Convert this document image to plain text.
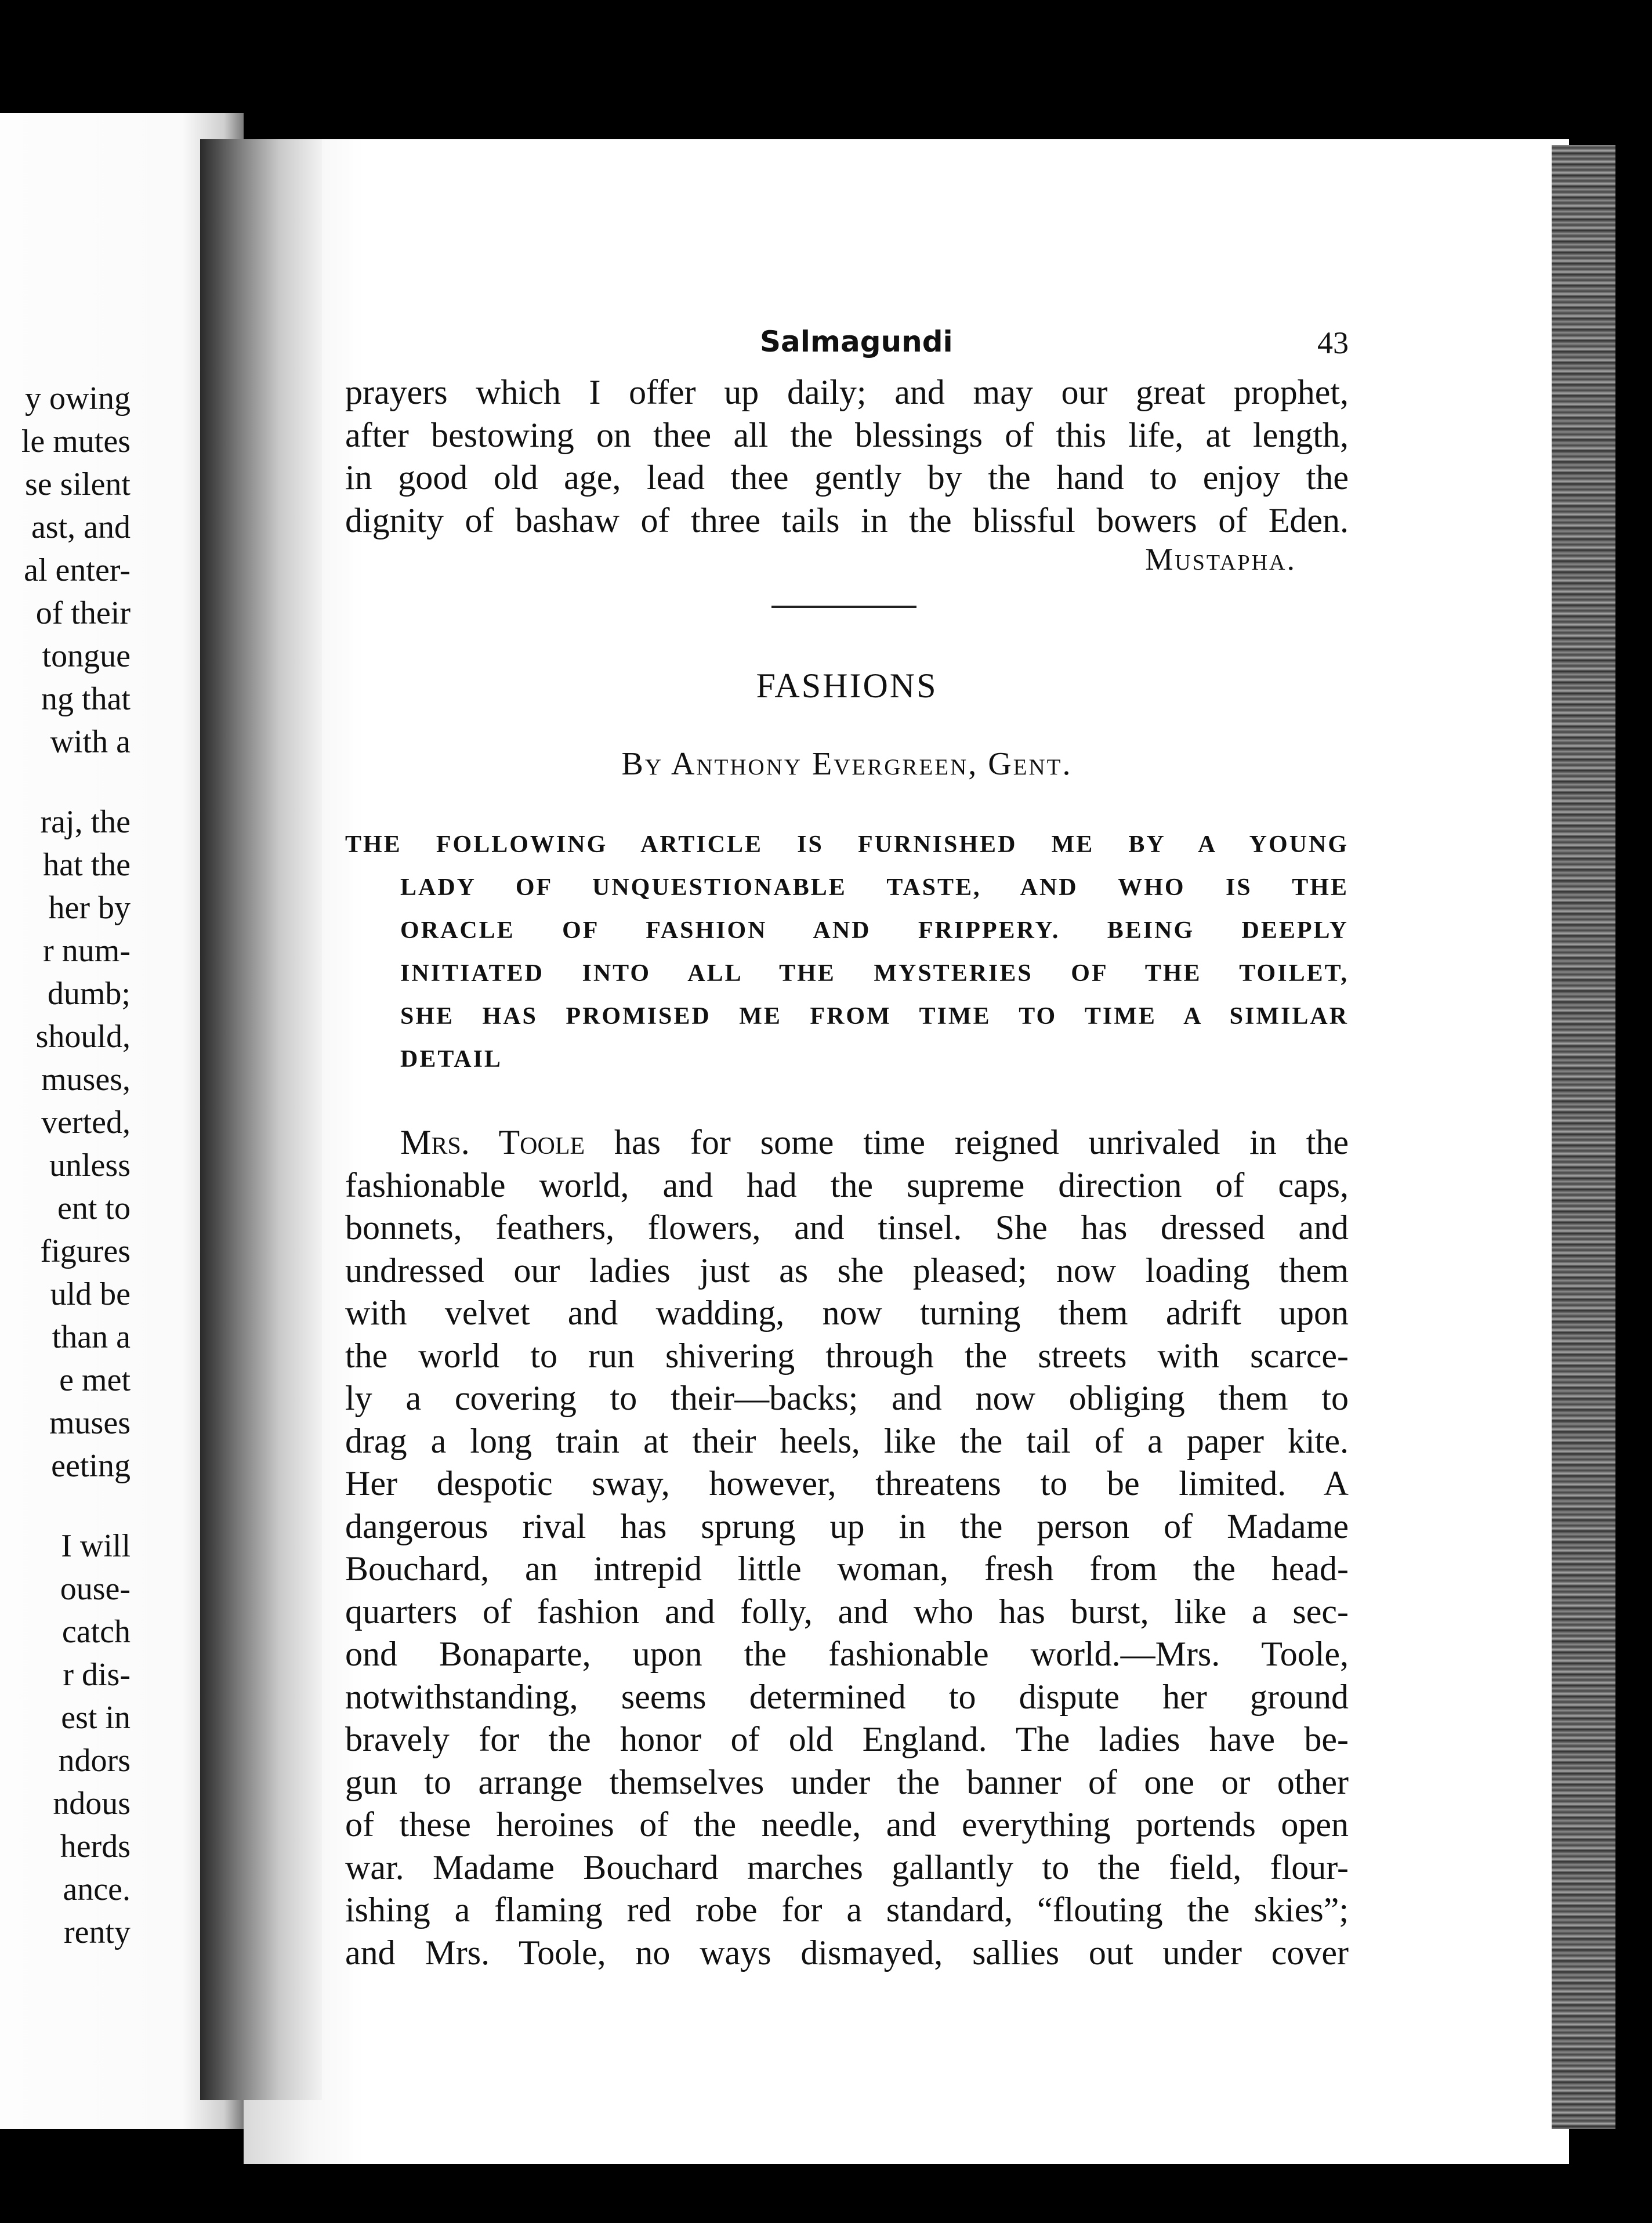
y owing
le mutes
se silent
ast, and
al enter-
of their
tongue
ng that
with a
raj, the
hat the
her by
r num-
dumb;
should,
muses,
verted,
unless
ent to
figures
uld be
than a
e met
muses
eeting
I will
ouse-
catch
r dis-
est in
ndors
ndous
herds
ance.
renty
Salmagundi	43

prayers which I offer up daily; and may our great prophet,
after bestowing on thee all the blessings of this life, at length,
in good old age, lead thee gently by the hand to enjoy the
dignity of bashaw of three tails in the blissful bowers of Eden.

Mustapha.
FASHIONS
By Anthony Evergreen, Gent.
THE FOLLOWING ARTICLE IS FURNISHED ME BY A YOUNG
LADY OF UNQUESTIONABLE TASTE, AND WHO IS THE
ORACLE OF FASHION AND FRIPPERY. BEING DEEPLY
INITIATED INTO ALL THE MYSTERIES OF THE TOILET,
SHE HAS PROMISED ME FROM TIME TO TIME A SIMILAR
DETAIL
Mrs. Toole has for some time reigned unrivaled in the
fashionable world, and had the supreme direction of caps,
bonnets, feathers, flowers, and tinsel. She has dressed and
undressed our ladies just as she pleased; now loading them
with velvet and wadding, now turning them adrift upon
the world to run shivering through the streets with scarce-
ly a covering to their—backs; and now obliging them to
drag a long train at their heels, like the tail of a paper kite.
Her despotic sway, however, threatens to be limited. A
dangerous rival has sprung up in the person of Madame
Bouchard, an intrepid little woman, fresh from the head-
quarters of fashion and folly, and who has burst, like a sec-
ond Bonaparte, upon the fashionable world.—Mrs. Toole,
notwithstanding, seems determined to dispute her ground
bravely for the honor of old England. The ladies have be-
gun to arrange themselves under the banner of one or other
of these heroines of the needle, and everything portends open
war. Madame Bouchard marches gallantly to the field, flour-
ishing a flaming red robe for a standard, “flouting the skies”;
and Mrs. Toole, no ways dismayed, sallies out under cover
